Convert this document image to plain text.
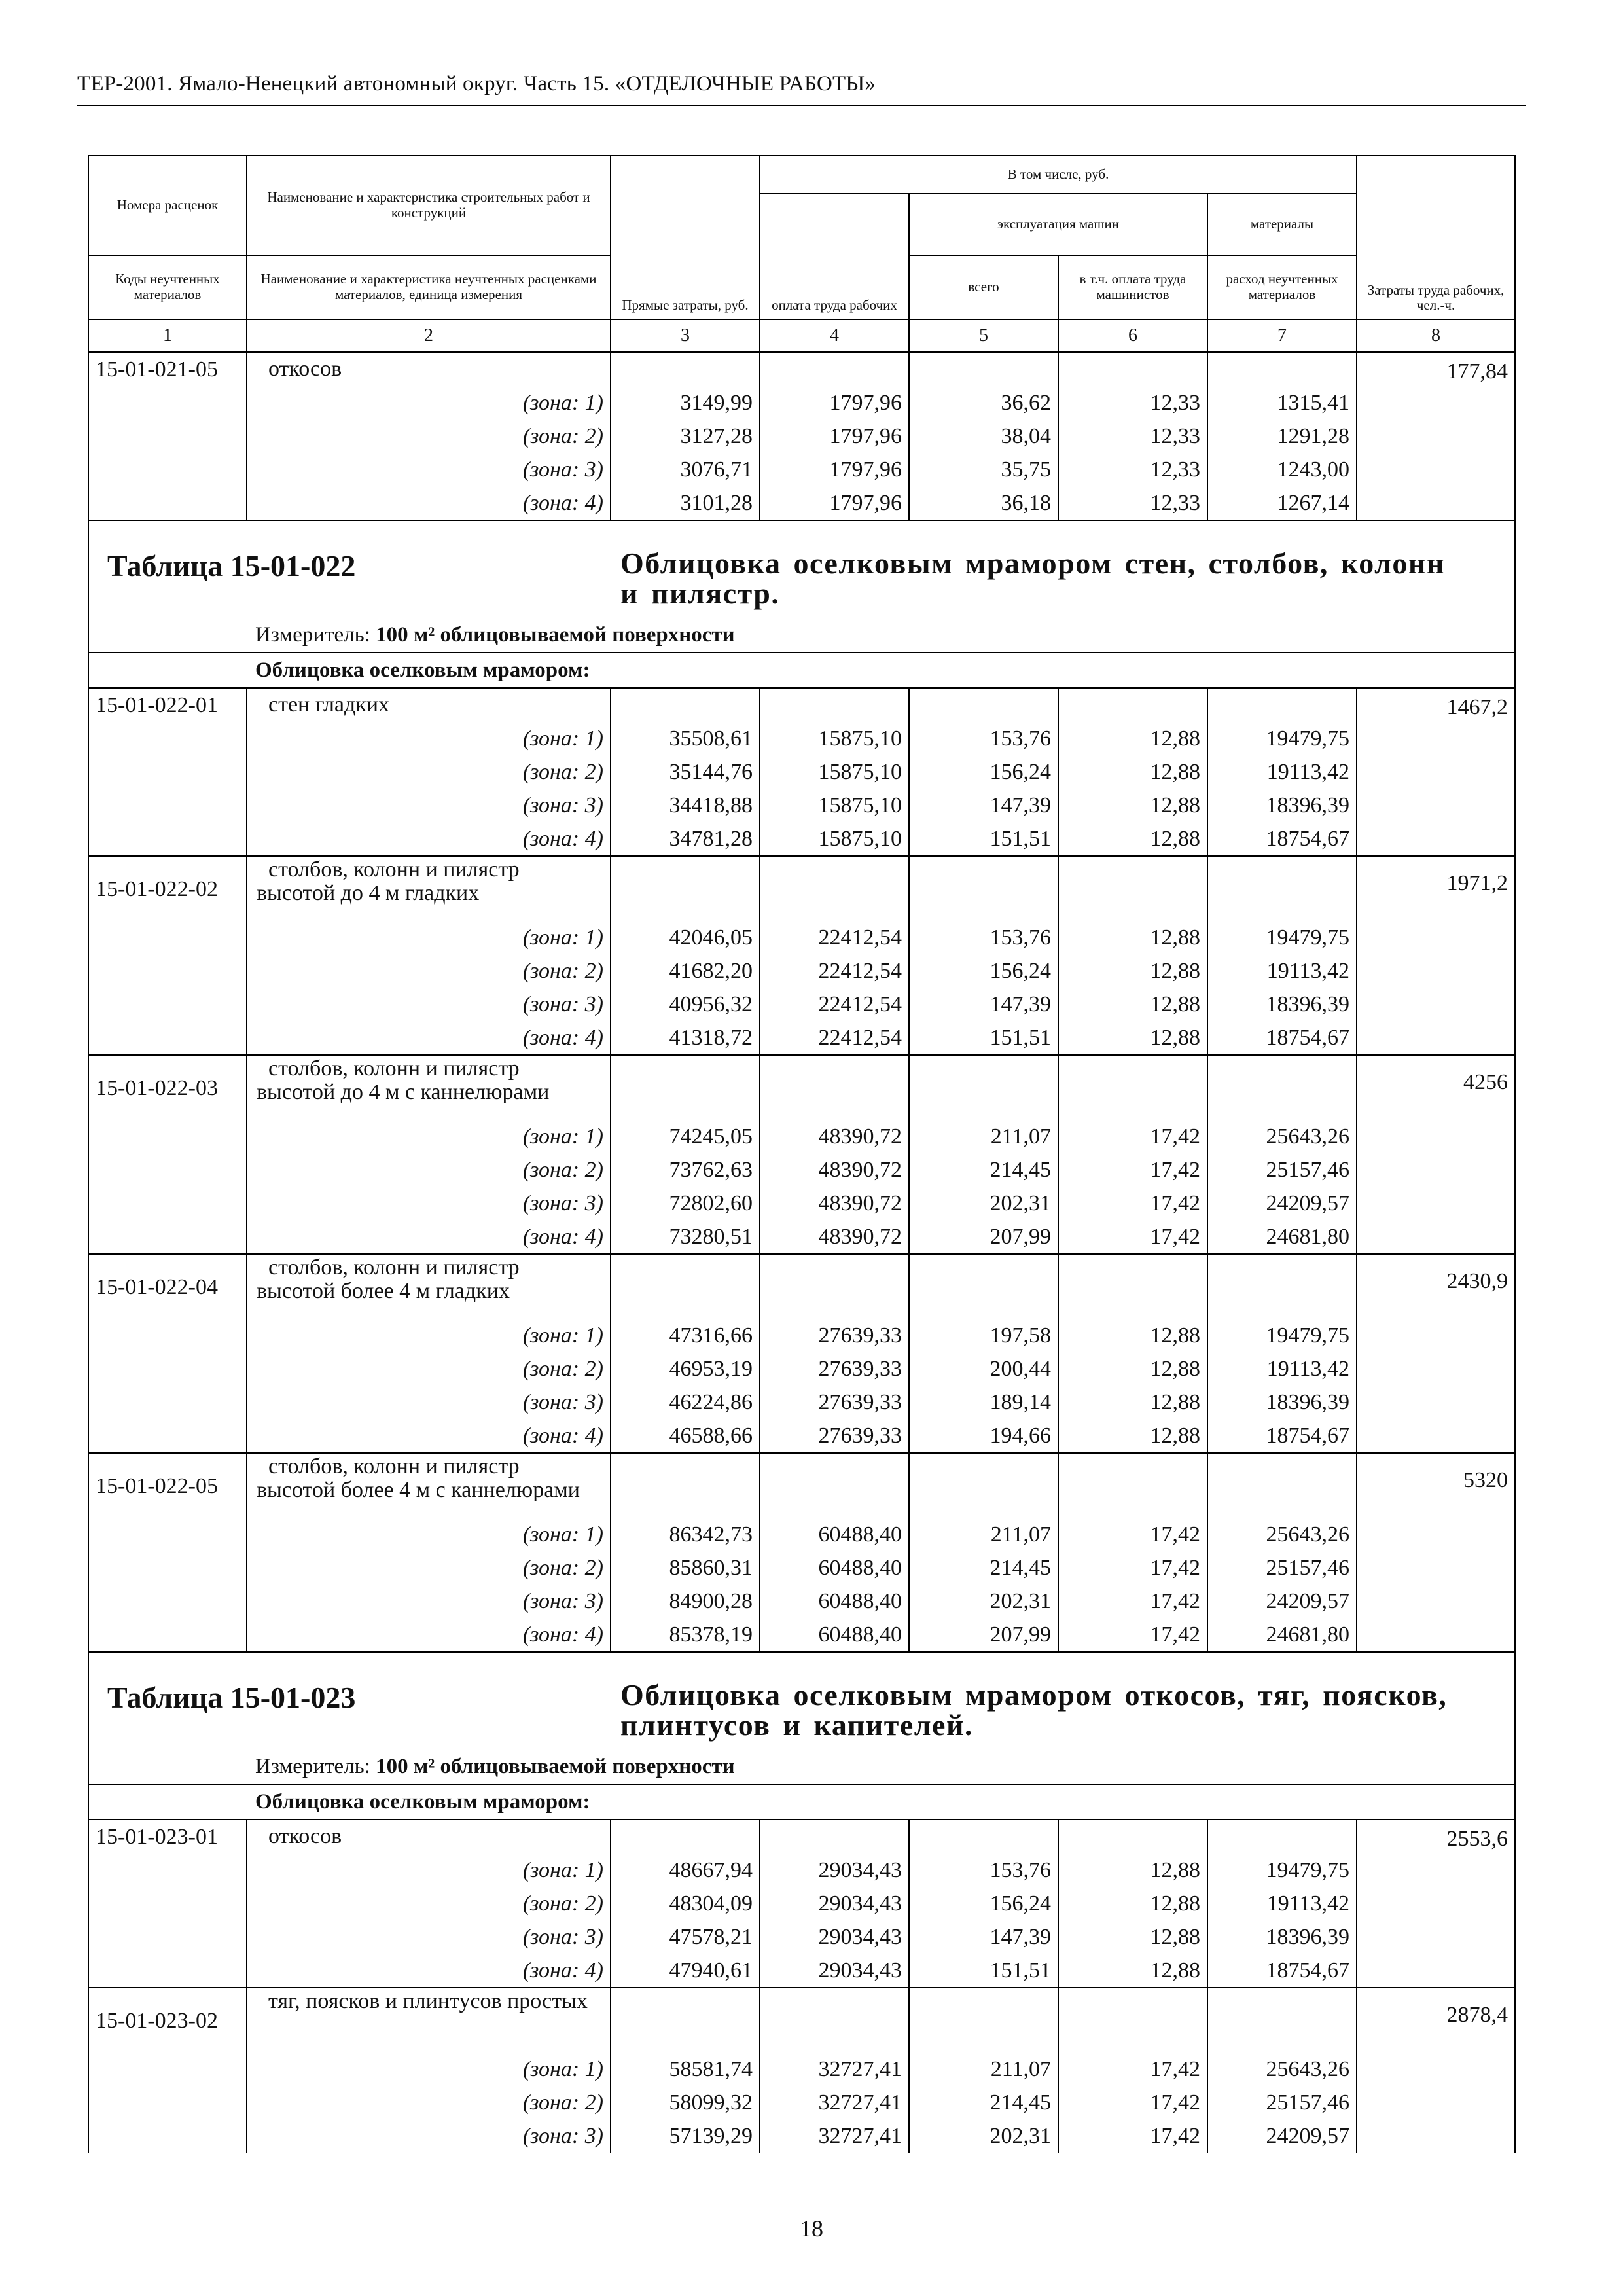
ТЕР-2001. Ямало-Ненецкий автономный округ. Часть 15. «ОТДЕЛОЧНЫЕ РАБОТЫ»
Номера расценок	Наименование и характеристика строительных работ и конструкций	Прямые затраты, руб.	В том числе, руб.				Затраты труда рабочих, чел.-ч.
			оплата труда рабочих	эксплуатация машин		материалы	
Коды неучтенных материалов	Наименование и характеристика неучтенных расценками материалов, единица измерения			всего	в т.ч. оплата труда машинистов	расход неучтенных материалов	
1	2	3	4	5	6	7	8
15-01-021-05	откосов						177,84
	(зона: 1)	3149,99	1797,96	36,62	12,33	1315,41	
	(зона: 2)	3127,28	1797,96	38,04	12,33	1291,28	
	(зона: 3)	3076,71	1797,96	35,75	12,33	1243,00	
	(зона: 4)	3101,28	1797,96	36,18	12,33	1267,14	

Таблица 15-01-022 Облицовка оселковым мрамором стен, столбов, колонн и пилястр.
Измеритель: 100 м² облицовываемой поверхности							

Облицовка оселковым мрамором:							
15-01-022-01	стен гладких						1467,2
	(зона: 1)	35508,61	15875,10	153,76	12,88	19479,75	
	(зона: 2)	35144,76	15875,10	156,24	12,88	19113,42	
	(зона: 3)	34418,88	15875,10	147,39	12,88	18396,39	
	(зона: 4)	34781,28	15875,10	151,51	12,88	18754,67	
15-01-022-02	столбов, колонн и пилястр высотой до 4 м гладких						1971,2
	(зона: 1)	42046,05	22412,54	153,76	12,88	19479,75	
	(зона: 2)	41682,20	22412,54	156,24	12,88	19113,42	
	(зона: 3)	40956,32	22412,54	147,39	12,88	18396,39	
	(зона: 4)	41318,72	22412,54	151,51	12,88	18754,67	
15-01-022-03	столбов, колонн и пилястр высотой до 4 м с каннелюрами						4256
	(зона: 1)	74245,05	48390,72	211,07	17,42	25643,26	
	(зона: 2)	73762,63	48390,72	214,45	17,42	25157,46	
	(зона: 3)	72802,60	48390,72	202,31	17,42	24209,57	
	(зона: 4)	73280,51	48390,72	207,99	17,42	24681,80	
15-01-022-04	столбов, колонн и пилястр высотой более 4 м гладких						2430,9
	(зона: 1)	47316,66	27639,33	197,58	12,88	19479,75	
	(зона: 2)	46953,19	27639,33	200,44	12,88	19113,42	
	(зона: 3)	46224,86	27639,33	189,14	12,88	18396,39	
	(зона: 4)	46588,66	27639,33	194,66	12,88	18754,67	
15-01-022-05	столбов, колонн и пилястр высотой более 4 м с каннелюрами						5320
	(зона: 1)	86342,73	60488,40	211,07	17,42	25643,26	
	(зона: 2)	85860,31	60488,40	214,45	17,42	25157,46	
	(зона: 3)	84900,28	60488,40	202,31	17,42	24209,57	
	(зона: 4)	85378,19	60488,40	207,99	17,42	24681,80	

Таблица 15-01-023 Облицовка оселковым мрамором откосов, тяг, поясков, плинтусов и капителей.
Измеритель: 100 м² облицовываемой поверхности							

Облицовка оселковым мрамором:							
15-01-023-01	откосов						2553,6
	(зона: 1)	48667,94	29034,43	153,76	12,88	19479,75	
	(зона: 2)	48304,09	29034,43	156,24	12,88	19113,42	
	(зона: 3)	47578,21	29034,43	147,39	12,88	18396,39	
	(зона: 4)	47940,61	29034,43	151,51	12,88	18754,67	
15-01-023-02	тяг, поясков и плинтусов простых						2878,4
	(зона: 1)	58581,74	32727,41	211,07	17,42	25643,26	
	(зона: 2)	58099,32	32727,41	214,45	17,42	25157,46	
	(зона: 3)	57139,29	32727,41	202,31	17,42	24209,57	
18
